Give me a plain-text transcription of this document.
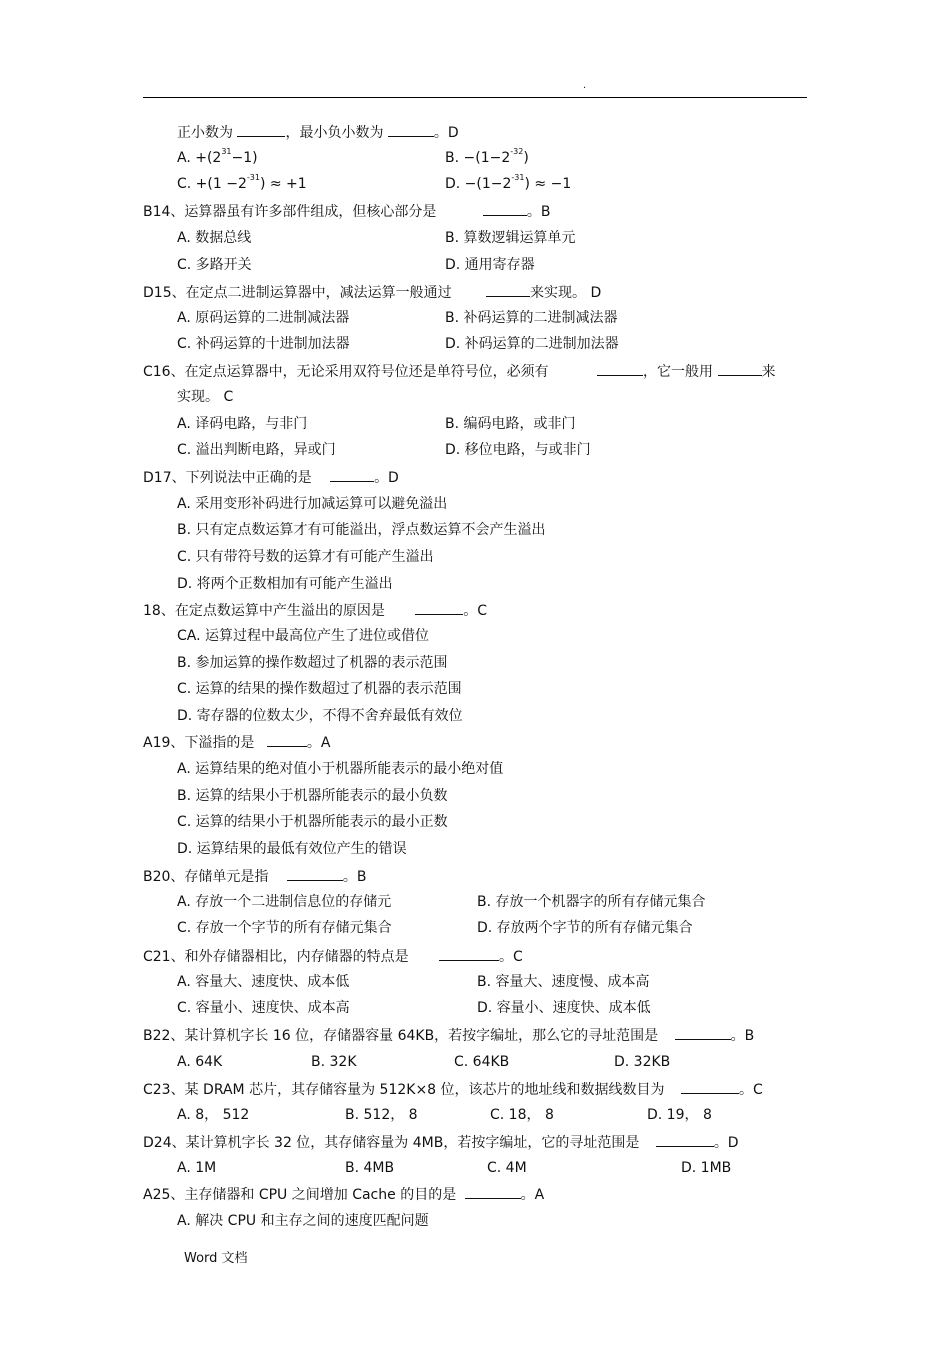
.
正小数为	，最小负小数为	。D
A. $+(2^{31}-1)$	B. $-(1-2^{-32})$
C. $+(1 -2^{-31}) \approx +1$	D. $-(1-2^{-31}) \approx -1$
B14、运算器虽有许多部件组成，但核心部分是	。B
A. 数据总线	B. 算数逻辑运算单元
C. 多路开关	D. 通用寄存器
D15、在定点二进制运算器中，减法运算一般通过	来实现。 D
A. 原码运算的二进制减法器	B. 补码运算的二进制减法器
C. 补码运算的十进制加法器	D. 补码运算的二进制加法器
C16、在定点运算器中，无论采用双符号位还是单符号位，必须有	，它一般用	来
实现。 C
A. 译码电路，与非门	B. 编码电路，或非门
C. 溢出判断电路，异或门	D. 移位电路，与或非门
D17、下列说法中正确的是	。D
A. 采用变形补码进行加减运算可以避免溢出
B. 只有定点数运算才有可能溢出，浮点数运算不会产生溢出
C. 只有带符号数的运算才有可能产生溢出
D. 将两个正数相加有可能产生溢出
18、在定点数运算中产生溢出的原因是	。C
CA. 运算过程中最高位产生了进位或借位
B. 参加运算的操作数超过了机器的表示范围
C. 运算的结果的操作数超过了机器的表示范围
D. 寄存器的位数太少，不得不舍弃最低有效位
A19、下溢指的是	。A
A. 运算结果的绝对值小于机器所能表示的最小绝对值
B. 运算的结果小于机器所能表示的最小负数
C. 运算的结果小于机器所能表示的最小正数
D. 运算结果的最低有效位产生的错误
B20、存储单元是指	。B
A. 存放一个二进制信息位的存储元	B. 存放一个机器字的所有存储元集合
C. 存放一个字节的所有存储元集合	D. 存放两个字节的所有存储元集合
C21、和外存储器相比，内存储器的特点是	。C
A. 容量大、速度快、成本低	B. 容量大、速度慢、成本高
C. 容量小、速度快、成本高	D. 容量小、速度快、成本低
B22、某计算机字长 16 位，存储器容量 64KB，若按字编址，那么它的寻址范围是	。B
A. 64K	B. 32K	C. 64KB	D. 32KB
C23、某 DRAM 芯片，其存储容量为 512K×8 位，该芯片的地址线和数据线数目为	。C
A. 8， 512	B. 512， 8	C. 18， 8	D. 19， 8
D24、某计算机字长 32 位，其存储容量为 4MB，若按字编址，它的寻址范围是	。D
A. 1M	B. 4MB	C. 4M	D. 1MB
A25、主存储器和 CPU 之间增加 Cache 的目的是	。A
A. 解决 CPU 和主存之间的速度匹配问题
Word 文档
